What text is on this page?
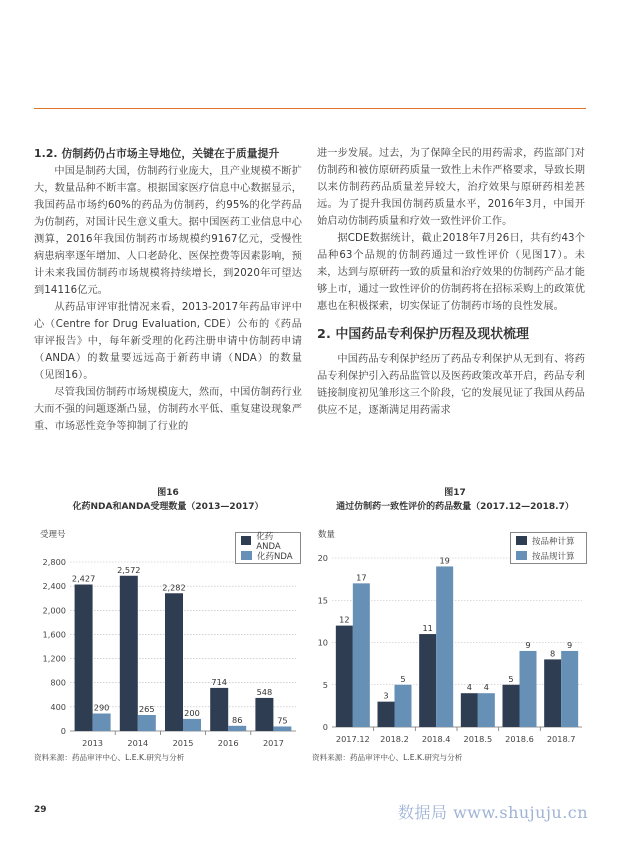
1.2. 仿制药仍占市场主导地位，关键在于质量提升

中国是制药大国，仿制药行业庞大，且产业规模不断扩大，数量品种不断丰富。根据国家医疗信息中心数据显示，我国药品市场约60%的药品为仿制药，约95%的化学药品为仿制药，对国计民生意义重大。据中国医药工业信息中心测算，2016年我国仿制药市场规模约9167亿元，受慢性病患病率逐年增加、人口老龄化、医保控费等因素影响，预计未来我国仿制药市场规模将持续增长，到2020年可望达到14116亿元。

从药品审评审批情况来看，2013-2017年药品审评中心（Centre for Drug Evaluation, CDE）公布的《药品审评报告》中，每年新受理的化药注册申请中仿制药申请（ANDA）的数量要远远高于新药申请（NDA）的数量（见图16）。

尽管我国仿制药市场规模庞大，然而，中国仿制药行业大而不强的问题逐渐凸显，仿制药水平低、重复建设现象严重、市场恶性竞争等抑制了行业的

进一步发展。过去，为了保障全民的用药需求，药监部门对仿制药和被仿原研药质量一致性上未作严格要求，导致长期以来仿制药药品质量差异较大，治疗效果与原研药相差甚远。为了提升我国仿制药质量水平，2016年3月，中国开始启动仿制药质量和疗效一致性评价工作。

据CDE数据统计，截止2018年7月26日，共有约43个品种63个品规的仿制药通过一致性评价（见图17）。未来，达到与原研药一致的质量和治疗效果的仿制药产品才能够上市，通过一致性评价的仿制药将在招标采购上的政策优惠也在积极探索，切实保证了仿制药市场的良性发展。

2. 中国药品专利保护历程及现状梳理

中国药品专利保护经历了药品专利保护从无到有、将药品专利保护引入药品监管以及医药政策改革开启，药品专利链接制度初见雏形这三个阶段，它的发展见证了我国从药品供应不足，逐渐满足用药需求

图16
化药NDA和ANDA受理数量（2013—2017）
受理号
0
400
800
1,200
1,600
2,000
2,400
2,800
2013
2,427
290
2014
2,572
265
2015
2,282
200
2016
714
86
2017
548
75
化药ANDA
化药NDA
资料来源：药品审评中心、L.E.K.研究与分析
图17
通过仿制药一致性评价的药品数量（2017.12—2018.7）
数量
0
5
10
15
20
2017.12
12
17
2018.2
3
5
2018.4
11
19
2018.5
4 4
2018.6
5
9
2018.7
8
9
按品种计算
按品规计算
资料来源：药品审评中心、L.E.K.研究与分析
29	数据局 www.shujuju.cn
